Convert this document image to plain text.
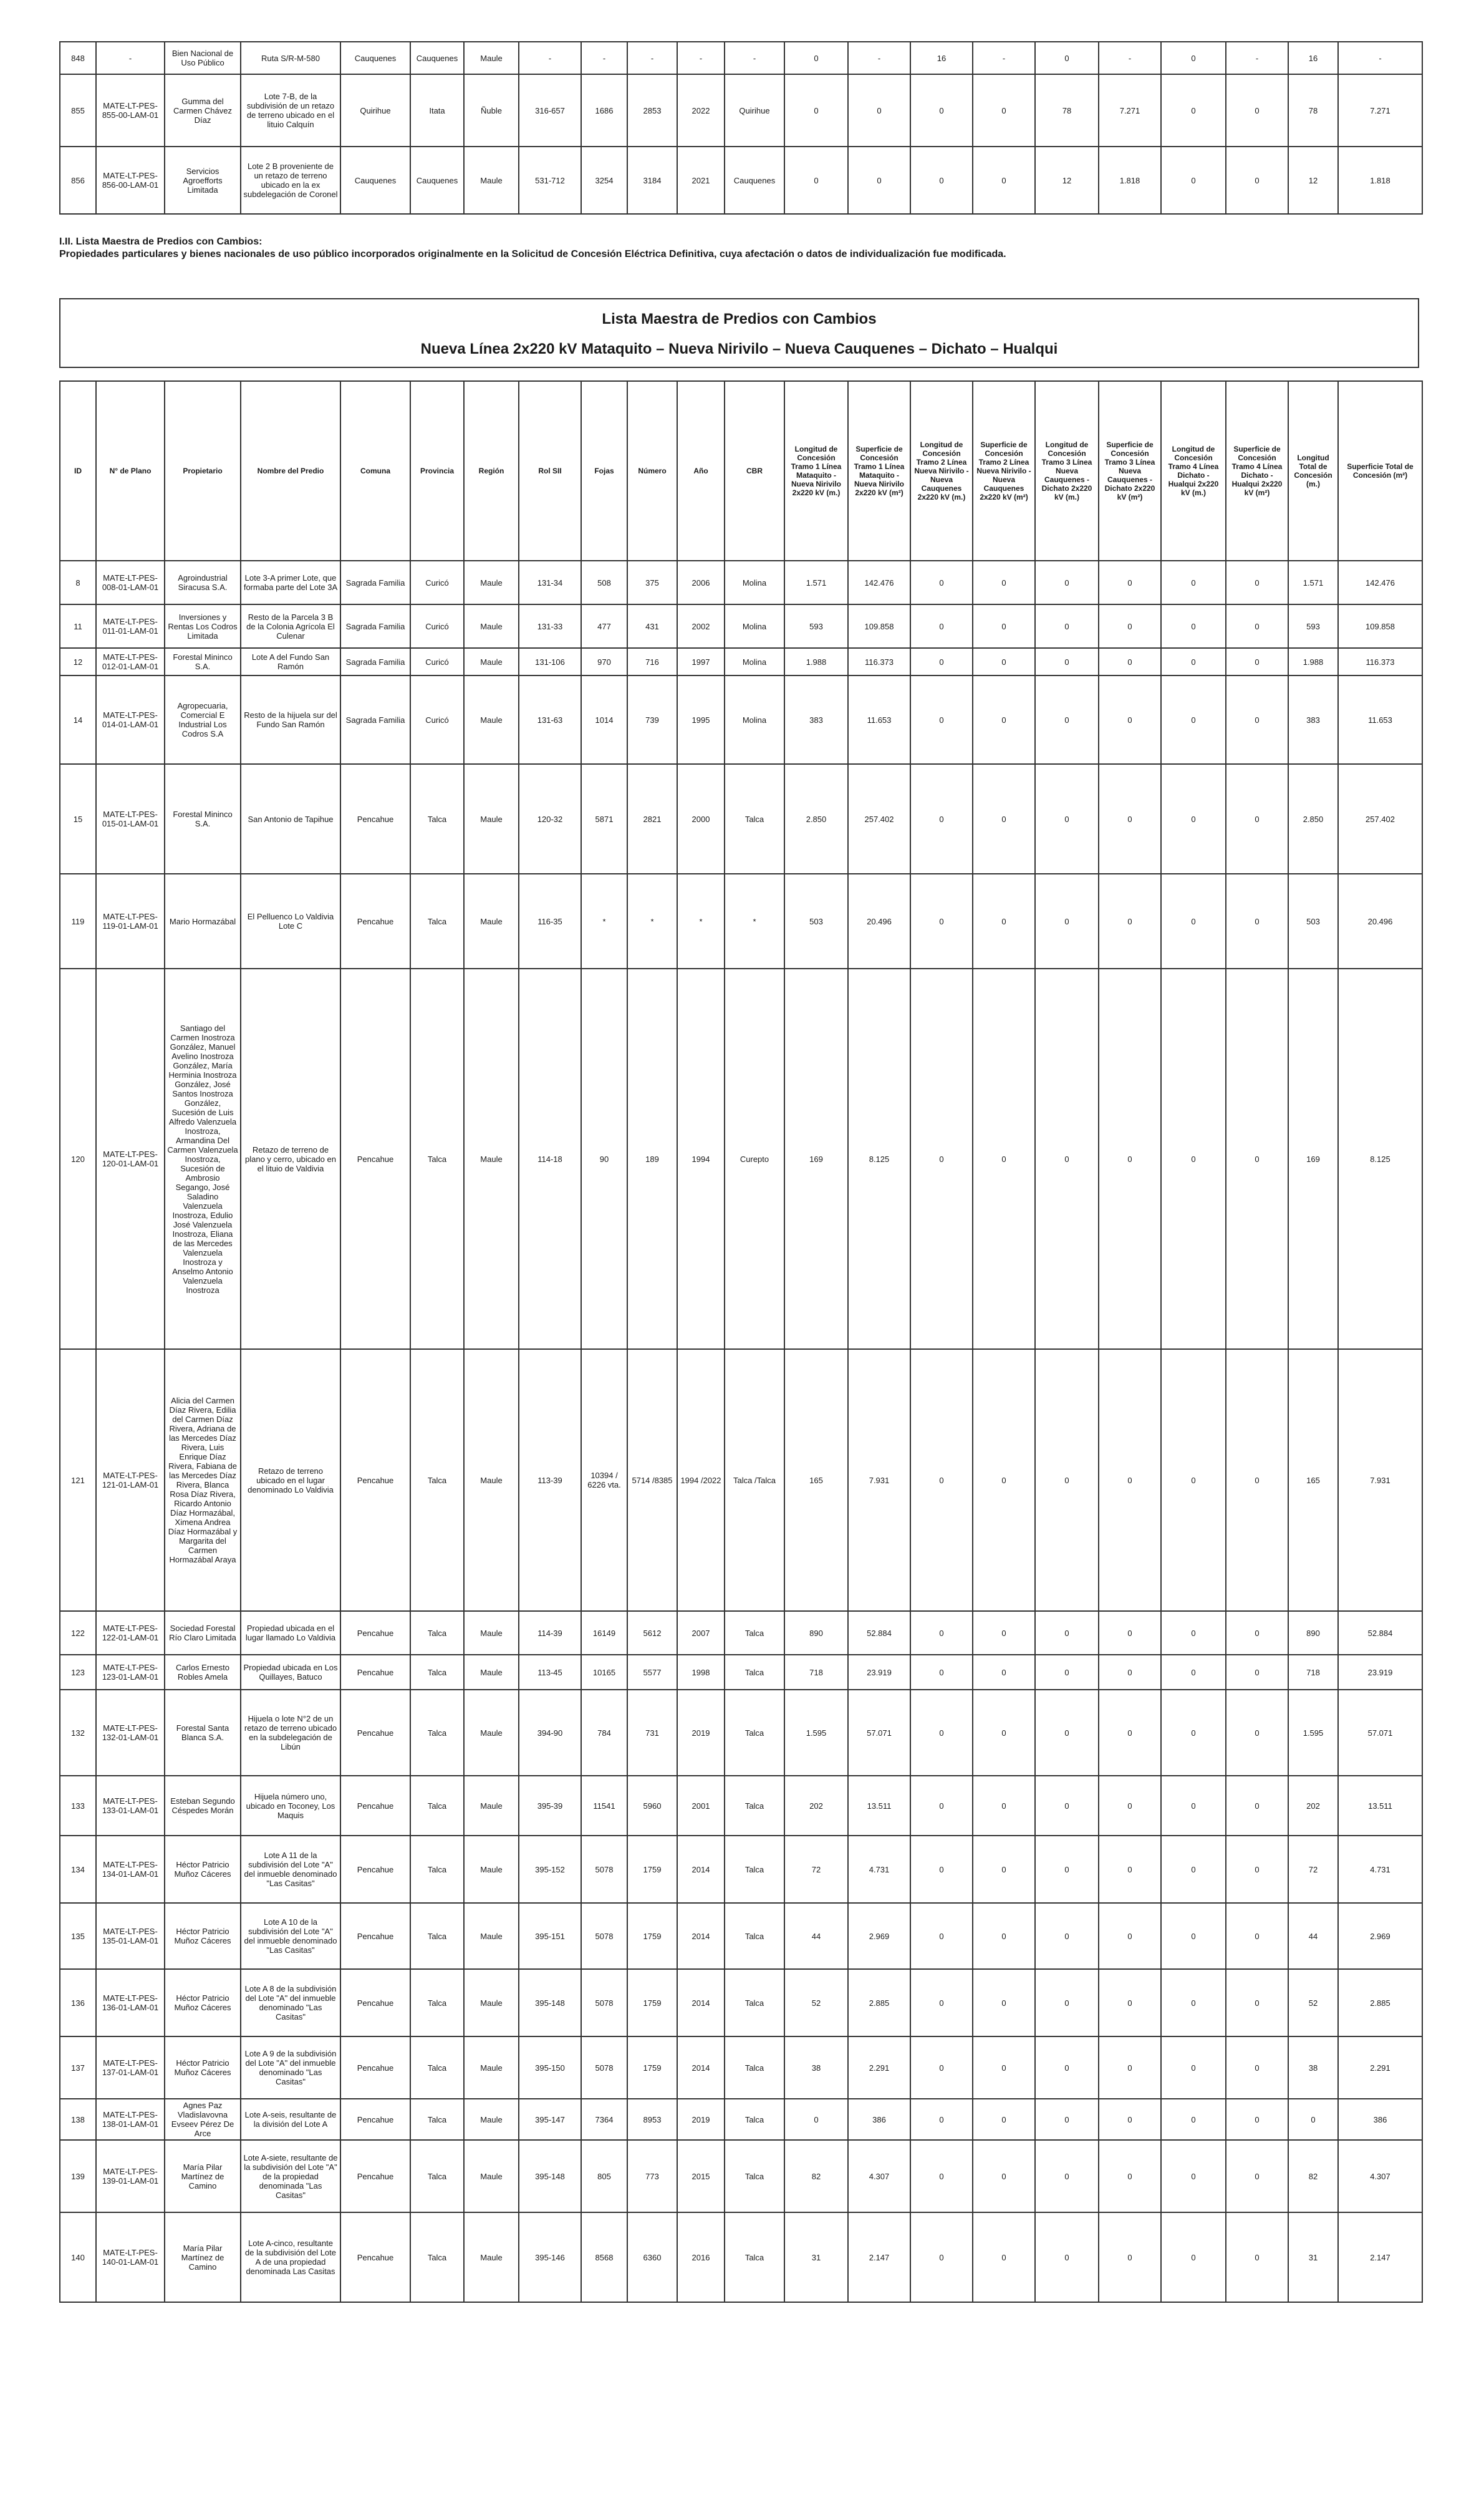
848	-	Bien Nacional de Uso Público	Ruta S/R-M-580	Cauquenes	Cauquenes	Maule	-	-	-	-	-	0	-	16	-	0	-	0	-	16	-
855	MATE-LT-PES-855-00-LAM-01	Gumma del Carmen Chávez Díaz	Lote 7-B, de la subdivisión de un retazo de terreno ubicado en el lituio Calquín	Quirihue	Itata	Ñuble	316-657	1686	2853	2022	Quirihue	0	0	0	0	78	7.271	0	0	78	7.271
856	MATE-LT-PES-856-00-LAM-01	Servicios Agroefforts Limitada	Lote 2 B proveniente de un retazo de terreno ubicado en la ex subdelegación de Coronel	Cauquenes	Cauquenes	Maule	531-712	3254	3184	2021	Cauquenes	0	0	0	0	12	1.818	0	0	12	1.818
I.II. Lista Maestra de Predios con Cambios:
Propiedades particulares y bienes nacionales de uso público incorporados originalmente en la Solicitud de Concesión Eléctrica Definitiva, cuya afectación o datos de individualización fue modificada.
Lista Maestra de Predios con Cambios
Nueva Línea 2x220 kV Mataquito – Nueva Nirivilo – Nueva Cauquenes – Dichato – Hualqui
ID	N° de Plano	Propietario	Nombre del Predio	Comuna	Provincia	Región	Rol SII	Fojas	Número	Año	CBR	Longitud de Concesión Tramo 1 Línea Mataquito - Nueva Nirivilo 2x220 kV (m.)	Superficie de Concesión Tramo 1 Línea Mataquito - Nueva Nirivilo 2x220 kV (m²)	Longitud de Concesión Tramo 2 Línea Nueva Nirivilo - Nueva Cauquenes 2x220 kV (m.)	Superficie de Concesión Tramo 2 Línea Nueva Nirivilo - Nueva Cauquenes 2x220 kV (m²)	Longitud de Concesión Tramo 3 Línea Nueva Cauquenes - Dichato 2x220 kV (m.)	Superficie de Concesión Tramo 3 Línea Nueva Cauquenes - Dichato 2x220 kV (m²)	Longitud de Concesión Tramo 4 Línea Dichato - Hualqui 2x220 kV (m.)	Superficie de Concesión Tramo 4 Línea Dichato - Hualqui 2x220 kV (m²)	Longitud Total de Concesión (m.)	Superficie Total de Concesión (m²)
8	MATE-LT-PES-008-01-LAM-01	Agroindustrial Siracusa S.A.	Lote 3-A primer Lote, que formaba parte del Lote 3A	Sagrada Familia	Curicó	Maule	131-34	508	375	2006	Molina	1.571	142.476	0	0	0	0	0	0	1.571	142.476
11	MATE-LT-PES-011-01-LAM-01	Inversiones y Rentas Los Codros Limitada	Resto de la Parcela 3 B de la Colonia Agrícola El Culenar	Sagrada Familia	Curicó	Maule	131-33	477	431	2002	Molina	593	109.858	0	0	0	0	0	0	593	109.858
12	MATE-LT-PES-012-01-LAM-01	Forestal Mininco S.A.	Lote A del Fundo San Ramón	Sagrada Familia	Curicó	Maule	131-106	970	716	1997	Molina	1.988	116.373	0	0	0	0	0	0	1.988	116.373
14	MATE-LT-PES-014-01-LAM-01	Agropecuaria, Comercial E Industrial Los Codros S.A	Resto de la hijuela sur del Fundo San Ramón	Sagrada Familia	Curicó	Maule	131-63	1014	739	1995	Molina	383	11.653	0	0	0	0	0	0	383	11.653
15	MATE-LT-PES-015-01-LAM-01	Forestal Mininco S.A.	San Antonio de Tapihue	Pencahue	Talca	Maule	120-32	5871	2821	2000	Talca	2.850	257.402	0	0	0	0	0	0	2.850	257.402
119	MATE-LT-PES-119-01-LAM-01	Mario Hormazábal	El Pelluenco Lo Valdivia Lote C	Pencahue	Talca	Maule	116-35	*	*	*	*	503	20.496	0	0	0	0	0	0	503	20.496
120	MATE-LT-PES-120-01-LAM-01	Santiago del Carmen Inostroza González, Manuel Avelino Inostroza González, María Herminia Inostroza González, José Santos Inostroza González, Sucesión de Luis Alfredo Valenzuela Inostroza, Armandina Del Carmen Valenzuela Inostroza, Sucesión de Ambrosio Segango, José Saladino Valenzuela Inostroza, Edulio José Valenzuela Inostroza, Eliana de las Mercedes Valenzuela Inostroza y Anselmo Antonio Valenzuela Inostroza	Retazo de terreno de plano y cerro, ubicado en el lituio de Valdivia	Pencahue	Talca	Maule	114-18	90	189	1994	Curepto	169	8.125	0	0	0	0	0	0	169	8.125
121	MATE-LT-PES-121-01-LAM-01	Alicia del Carmen Díaz Rivera, Edilia del Carmen Díaz Rivera, Adriana de las Mercedes Díaz Rivera, Luis Enrique Díaz Rivera, Fabiana de las Mercedes Díaz Rivera, Blanca Rosa Díaz Rivera, Ricardo Antonio Díaz Hormazábal, Ximena Andrea Díaz Hormazábal y Margarita del Carmen Hormazábal Araya	Retazo de terreno ubicado en el lugar denominado Lo Valdivia	Pencahue	Talca	Maule	113-39	10394 / 6226 vta.	5714 /8385	1994 /2022	Talca /Talca	165	7.931	0	0	0	0	0	0	165	7.931
122	MATE-LT-PES-122-01-LAM-01	Sociedad Forestal Río Claro Limitada	Propiedad ubicada en el lugar llamado Lo Valdivia	Pencahue	Talca	Maule	114-39	16149	5612	2007	Talca	890	52.884	0	0	0	0	0	0	890	52.884
123	MATE-LT-PES-123-01-LAM-01	Carlos Ernesto Robles Amela	Propiedad ubicada en Los Quillayes, Batuco	Pencahue	Talca	Maule	113-45	10165	5577	1998	Talca	718	23.919	0	0	0	0	0	0	718	23.919
132	MATE-LT-PES-132-01-LAM-01	Forestal Santa Blanca S.A.	Hijuela o lote N°2 de un retazo de terreno ubicado en la subdelegación de Libún	Pencahue	Talca	Maule	394-90	784	731	2019	Talca	1.595	57.071	0	0	0	0	0	0	1.595	57.071
133	MATE-LT-PES-133-01-LAM-01	Esteban Segundo Céspedes Morán	Hijuela número uno, ubicado en Toconey, Los Maquis	Pencahue	Talca	Maule	395-39	11541	5960	2001	Talca	202	13.511	0	0	0	0	0	0	202	13.511
134	MATE-LT-PES-134-01-LAM-01	Héctor Patricio Muñoz Cáceres	Lote A 11 de la subdivisión del Lote "A" del inmueble denominado "Las Casitas"	Pencahue	Talca	Maule	395-152	5078	1759	2014	Talca	72	4.731	0	0	0	0	0	0	72	4.731
135	MATE-LT-PES-135-01-LAM-01	Héctor Patricio Muñoz Cáceres	Lote A 10 de la subdivisión del Lote "A" del inmueble denominado "Las Casitas"	Pencahue	Talca	Maule	395-151	5078	1759	2014	Talca	44	2.969	0	0	0	0	0	0	44	2.969
136	MATE-LT-PES-136-01-LAM-01	Héctor Patricio Muñoz Cáceres	Lote A 8 de la subdivisión del Lote "A" del inmueble denominado "Las Casitas"	Pencahue	Talca	Maule	395-148	5078	1759	2014	Talca	52	2.885	0	0	0	0	0	0	52	2.885
137	MATE-LT-PES-137-01-LAM-01	Héctor Patricio Muñoz Cáceres	Lote A 9 de la subdivisión del Lote "A" del inmueble denominado "Las Casitas"	Pencahue	Talca	Maule	395-150	5078	1759	2014	Talca	38	2.291	0	0	0	0	0	0	38	2.291
138	MATE-LT-PES-138-01-LAM-01	Agnes Paz Vladislavovna Evseev Pérez De Arce	Lote A-seis, resultante de la división del Lote A	Pencahue	Talca	Maule	395-147	7364	8953	2019	Talca	0	386	0	0	0	0	0	0	0	386
139	MATE-LT-PES-139-01-LAM-01	María Pilar Martínez de Camino	Lote A-siete, resultante de la subdivisión del Lote "A" de la propiedad denominada "Las Casitas"	Pencahue	Talca	Maule	395-148	805	773	2015	Talca	82	4.307	0	0	0	0	0	0	82	4.307
140	MATE-LT-PES-140-01-LAM-01	María Pilar Martínez de Camino	Lote A-cinco, resultante de la subdivisión del Lote A de una propiedad denominada Las Casitas	Pencahue	Talca	Maule	395-146	8568	6360	2016	Talca	31	2.147	0	0	0	0	0	0	31	2.147
